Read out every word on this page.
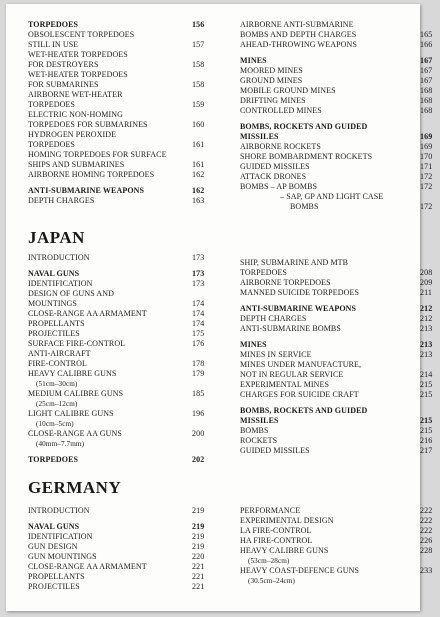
TORPEDOES	156
OBSOLESCENT TORPEDOES
STILL IN USE	157
WET-HEATER TORPEDOES
FOR DESTROYERS	158
WET-HEATER TORPEDOES
FOR SUBMARINES	158
AIRBORNE WET-HEATER
TORPEDOES	159
ELECTRIC NON-HOMING
TORPEDOES FOR SUBMARINES	160
HYDROGEN PEROXIDE
TORPEDOES	161
HOMING TORPEDOES FOR SURFACE
SHIPS AND SUBMARINES	161
AIRBORNE HOMING TORPEDOES	162
ANTI-SUBMARINE WEAPONS	162
DEPTH CHARGES	163
AIRBORNE ANTI-SUBMARINE
BOMBS AND DEPTH CHARGES	165
AHEAD-THROWING WEAPONS	166
MINES	167
MOORED MINES	167
GROUND MINES	167
MOBILE GROUND MINES	168
DRIFTING MINES	168
CONTROLLED MINES	168
BOMBS, ROCKETS AND GUIDED
MISSILES	169
AIRBORNE ROCKETS	169
SHORE BOMBARDMENT ROCKETS	170
GUIDED MISSILES	171
ATTACK DRONES	172
BOMBS – AP BOMBS	172
– SAP, GP AND LIGHT CASE
BOMBS	172
JAPAN
INTRODUCTION	173
NAVAL GUNS	173
IDENTIFICATION	173
DESIGN OF GUNS AND
MOUNTINGS	174
CLOSE-RANGE AA ARMAMENT	174
PROPELLANTS	174
PROJECTILES	175
SURFACE FIRE-CONTROL	176
ANTI-AIRCRAFT
FIRE-CONTROL	178
HEAVY CALIBRE GUNS	179
(51cm–30cm)
MEDIUM CALIBRE GUNS	185
(25cm–12cm)
LIGHT CALIBRE GUNS	196
(10cm–5cm)
CLOSE-RANGE AA GUNS	200
(40mm–7.7mm)
TORPEDOES	202
SHIP, SUBMARINE AND MTB
TORPEDOES	208
AIRBORNE TORPEDOES	209
MANNED SUICIDE TORPEDOES	211
ANTI-SUBMARINE WEAPONS	212
DEPTH CHARGES	212
ANTI-SUBMARINE BOMBS	213
MINES	213
MINES IN SERVICE	213
MINES UNDER MANUFACTURE,
NOT IN REGULAR SERVICE	214
EXPERIMENTAL MINES	215
CHARGES FOR SUICIDE CRAFT	215
BOMBS, ROCKETS AND GUIDED
MISSILES	215
BOMBS	215
ROCKETS	216
GUIDED MISSILES	217
GERMANY
INTRODUCTION	219
NAVAL GUNS	219
IDENTIFICATION	219
GUN DESIGN	219
GUN MOUNTINGS	220
CLOSE-RANGE AA ARMAMENT	221
PROPELLANTS	221
PROJECTILES	221
PERFORMANCE	222
EXPERIMENTAL DESIGN	222
LA FIRE-CONTROL	222
HA FIRE-CONTROL	226
HEAVY CALIBRE GUNS	228
(53cm–28cm)
HEAVY COAST-DEFENCE GUNS	233
(30.5cm–24cm)
